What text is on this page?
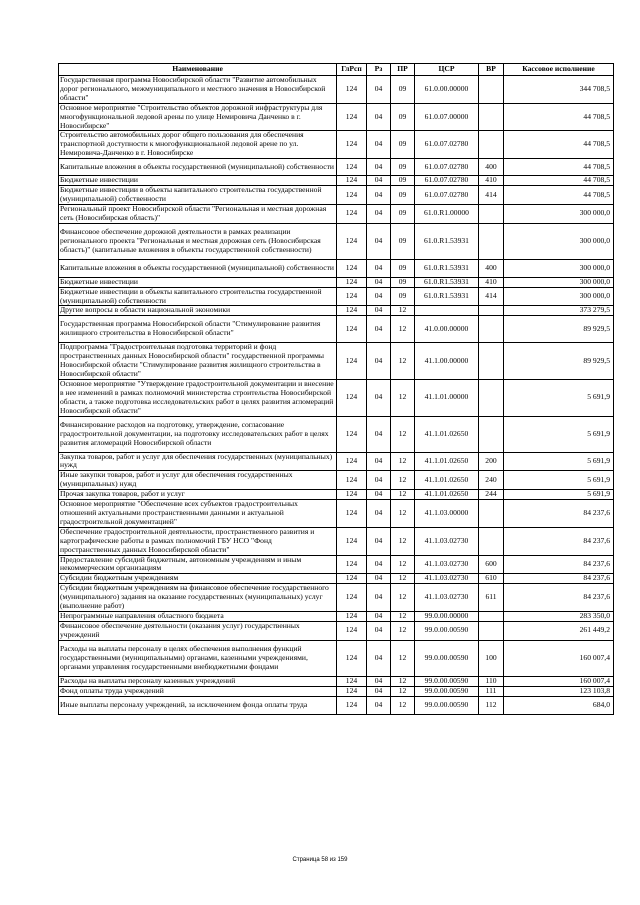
Наименование	ГлРсп	Рз	ПР	ЦСР	ВР	Кассовое исполнение
Государственная программа Новосибирской области "Развитие автомобильных дорог регионального, межмуниципального и местного значения в Новосибирской области"	124	04	09	61.0.00.00000		344 708,5
Основное мероприятие "Строительство объектов дорожной инфраструктуры для многофункциональной ледовой арены по улице Немировича Данченко в г. Новосибирске"	124	04	09	61.0.07.00000		44 708,5
Строительство автомобильных дорог общего пользования для обеспечения транспортной доступности к многофункциональной ледовой арене по ул. Немировича-Данченко в г. Новосибирске	124	04	09	61.0.07.02780		44 708,5
Капитальные вложения в объекты государственной (муниципальной) собственности	124	04	09	61.0.07.02780	400	44 708,5
Бюджетные инвестиции	124	04	09	61.0.07.02780	410	44 708,5
Бюджетные инвестиции в объекты капитального строительства государственной (муниципальной) собственности	124	04	09	61.0.07.02780	414	44 708,5
Региональный проект Новосибирской области "Региональная и местная дорожная сеть (Новосибирская область)"	124	04	09	61.0.R1.00000		300 000,0
Финансовое обеспечение дорожной деятельности в рамках реализации регионального проекта "Региональная и местная дорожная сеть (Новосибирская область)" (капитальные вложения в объекты государственной собственности)	124	04	09	61.0.R1.53931		300 000,0
Капитальные вложения в объекты государственной (муниципальной) собственности	124	04	09	61.0.R1.53931	400	300 000,0
Бюджетные инвестиции	124	04	09	61.0.R1.53931	410	300 000,0
Бюджетные инвестиции в объекты капитального строительства государственной (муниципальной) собственности	124	04	09	61.0.R1.53931	414	300 000,0
Другие вопросы в области национальной экономики	124	04	12			373 279,5
Государственная программа Новосибирской области "Стимулирование развития жилищного строительства в Новосибирской области"	124	04	12	41.0.00.00000		89 929,5
Подпрограмма "Градостроительная подготовка территорий и фонд пространственных данных Новосибирской области" государственной программы Новосибирской области "Стимулирование развития жилищного строительства в Новосибирской области"	124	04	12	41.1.00.00000		89 929,5
Основное мероприятие "Утверждение градостроительной документации и внесение в нее изменений в рамках полномочий министерства строительства Новосибирской области, а также подготовка исследовательских работ в целях развития агломераций Новосибирской области"	124	04	12	41.1.01.00000		5 691,9
Финансирование расходов на подготовку, утверждение, согласование градостроительной документации, на подготовку исследовательских работ в целях развития агломераций Новосибирской области	124	04	12	41.1.01.02650		5 691,9
Закупка товаров, работ и услуг для обеспечения государственных (муниципальных) нужд	124	04	12	41.1.01.02650	200	5 691,9
Иные закупки товаров, работ и услуг для обеспечения государственных (муниципальных) нужд	124	04	12	41.1.01.02650	240	5 691,9
Прочая закупка товаров, работ и услуг	124	04	12	41.1.01.02650	244	5 691,9
Основное мероприятие "Обеспечение всех субъектов градостроительных отношений актуальными пространственными данными и актуальной градостроительной документацией"	124	04	12	41.1.03.00000		84 237,6
Обеспечение градостроительной деятельности, пространственного развития и картографические работы в рамках полномочий ГБУ НСО "Фонд пространственных данных Новосибирской области"	124	04	12	41.1.03.02730		84 237,6
Предоставление субсидий бюджетным, автономным учреждениям и иным некоммерческим организациям	124	04	12	41.1.03.02730	600	84 237,6
Субсидии бюджетным учреждениям	124	04	12	41.1.03.02730	610	84 237,6
Субсидии бюджетным учреждениям на финансовое обеспечение государственного (муниципального) задания на оказание государственных (муниципальных) услуг (выполнение работ)	124	04	12	41.1.03.02730	611	84 237,6
Непрограммные направления областного бюджета	124	04	12	99.0.00.00000		283 350,0
Финансовое обеспечение деятельности (оказания услуг) государственных учреждений	124	04	12	99.0.00.00590		261 449,2
Расходы на выплаты персоналу в целях обеспечения выполнения функций государственными (муниципальными) органами, казенными учреждениями, органами управления государственными внебюджетными фондами	124	04	12	99.0.00.00590	100	160 007,4
Расходы на выплаты персоналу казенных учреждений	124	04	12	99.0.00.00590	110	160 007,4
Фонд оплаты труда учреждений	124	04	12	99.0.00.00590	111	123 103,8
Иные выплаты персоналу учреждений, за исключением фонда оплаты труда	124	04	12	99.0.00.00590	112	684,0
Страница 58 из 159
